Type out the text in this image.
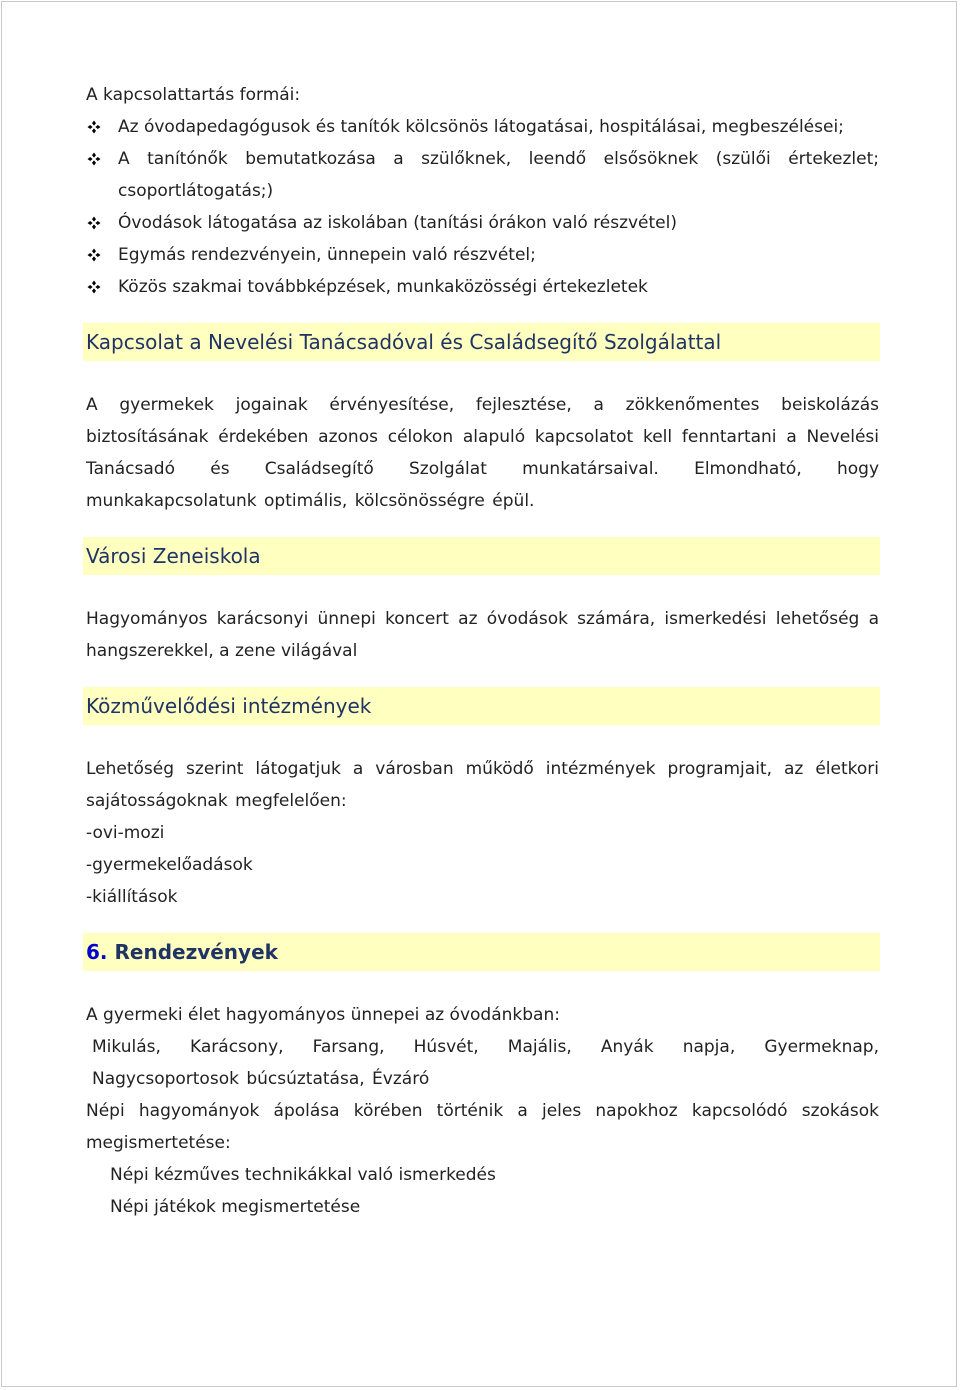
A kapcsolattartás formái:

Az óvodapedagógusok és tanítók kölcsönös látogatásai, hospitálásai, megbeszélései;
A tanítónők bemutatkozása a szülőknek, leendő elsősöknek (szülői értekezlet; csoportlátogatás;)
Óvodások látogatása az iskolában (tanítási órákon való részvétel)
Egymás rendezvényein, ünnepein való részvétel;
Közös szakmai továbbképzések, munkaközösségi értekezletek
Kapcsolat a Nevelési Tanácsadóval és Családsegítő Szolgálattal

A gyermekek jogainak érvényesítése, fejlesztése, a zökkenőmentes beiskolázás biztosításának érdekében azonos célokon alapuló kapcsolatot kell fenntartani a Nevelési Tanácsadó és Családsegítő Szolgálat munkatársaival. Elmondható, hogy munkakapcsolatunk optimális, kölcsönösségre épül.

Városi Zeneiskola

Hagyományos karácsonyi ünnepi koncert az óvodások számára, ismerkedési lehetőség a hangszerekkel, a zene világával

Közművelődési intézmények

Lehetőség szerint látogatjuk a városban működő intézmények programjait, az életkori sajátosságoknak megfelelően:

-ovi-mozi

-gyermekelőadások

-kiállítások

6. Rendezvények

A gyermeki élet hagyományos ünnepei az óvodánkban:

Mikulás, Karácsony, Farsang, Húsvét, Majális, Anyák napja, Gyermeknap, Nagycsoportosok búcsúztatása, Évzáró

Népi hagyományok ápolása körében történik a jeles napokhoz kapcsolódó szokások megismertetése:

Népi kézműves technikákkal való ismerkedés

Népi játékok megismertetése
